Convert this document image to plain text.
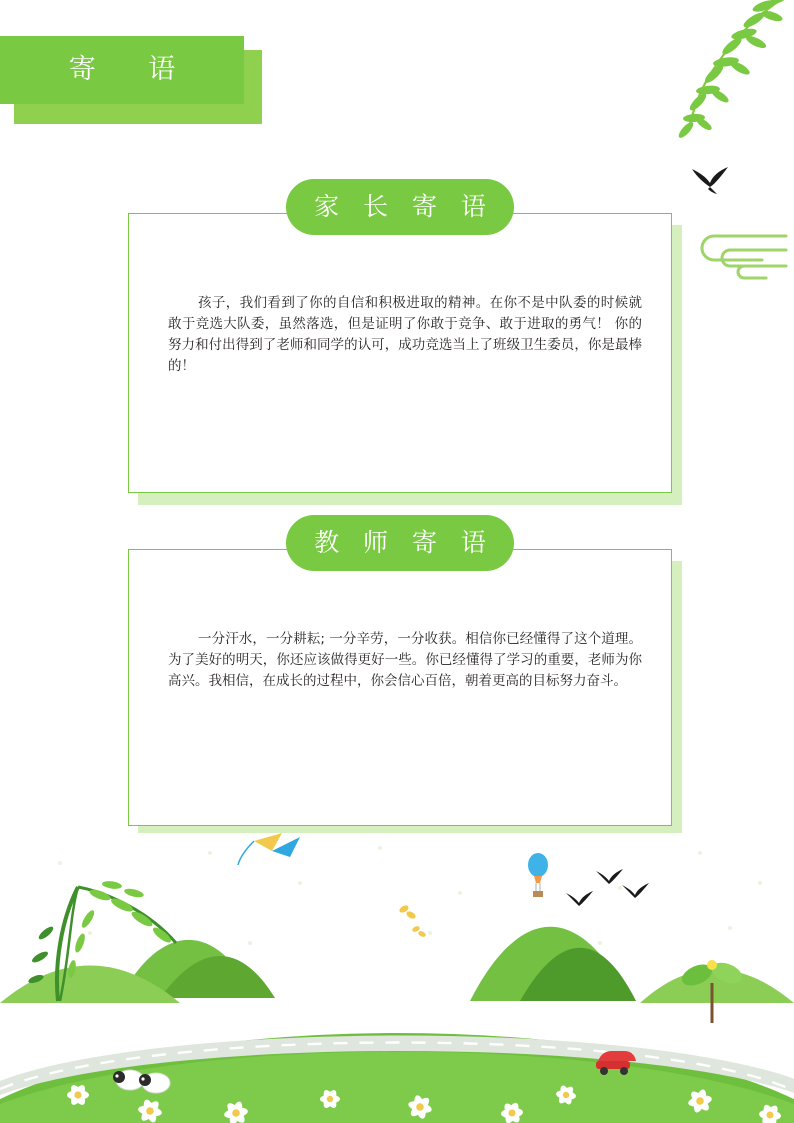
寄 语
家 长 寄 语
孩子，我们看到了你的自信和积极进取的精神。在你不是中队委的时候就敢于竞选大队委，虽然落选，但是证明了你敢于竞争、敢于进取的勇气！ 你的努力和付出得到了老师和同学的认可，成功竞选当上了班级卫生委员，你是最棒的！
教 师 寄 语
一分汗水，一分耕耘; 一分辛劳，一分收获。相信你已经懂得了这个道理。为了美好的明天，你还应该做得更好一些。你已经懂得了学习的重要，老师为你高兴。我相信，在成长的过程中，你会信心百倍，朝着更高的目标努力奋斗。
